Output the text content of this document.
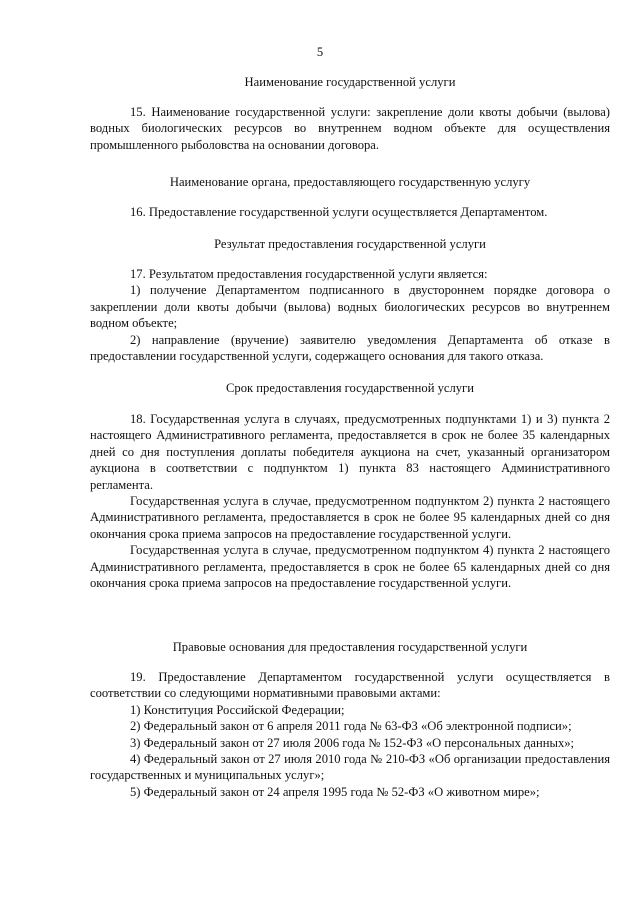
5
Наименование государственной услуги

15. Наименование государственной услуги: закрепление доли квоты добычи (вылова) водных биологических ресурсов во внутреннем водном объекте для осуществления промышленного рыболовства на основании договора.

Наименование органа, предоставляющего государственную услугу

16. Предоставление государственной услуги осуществляется Департаментом.

Результат предоставления государственной услуги

17. Результатом предоставления государственной услуги является:

1) получение Департаментом подписанного в двустороннем порядке договора о закреплении доли квоты добычи (вылова) водных биологических ресурсов во внутреннем водном объекте;

2) направление (вручение) заявителю уведомления Департамента об отказе в предоставлении государственной услуги, содержащего основания для такого отказа.

Срок предоставления государственной услуги

18. Государственная услуга в случаях, предусмотренных подпунктами 1) и 3) пункта 2 настоящего Административного регламента, предоставляется в срок не более 35 календарных дней со дня поступления доплаты победителя аукциона на счет, указанный организатором аукциона в соответствии с подпунктом 1) пункта 83 настоящего Административного регламента.

Государственная услуга в случае, предусмотренном подпунктом 2) пункта 2 настоящего Административного регламента, предоставляется в срок не более 95 календарных дней со дня окончания срока приема запросов на предоставление государственной услуги.

Государственная услуга в случае, предусмотренном подпунктом 4) пункта 2 настоящего Административного регламента, предоставляется в срок не более 65 календарных дней со дня окончания срока приема запросов на предоставление государственной услуги.

Правовые основания для предоставления государственной услуги

19. Предоставление Департаментом государственной услуги осуществляется в соответствии со следующими нормативными правовыми актами:

1) Конституция Российской Федерации;

2) Федеральный закон от 6 апреля 2011 года № 63-ФЗ «Об электронной подписи»;

3) Федеральный закон от 27 июля 2006 года № 152-ФЗ «О персональных данных»;

4) Федеральный закон от 27 июля 2010 года № 210-ФЗ «Об организации предоставления государственных и муниципальных услуг»;

5) Федеральный закон от 24 апреля 1995 года № 52-ФЗ «О животном мире»;
